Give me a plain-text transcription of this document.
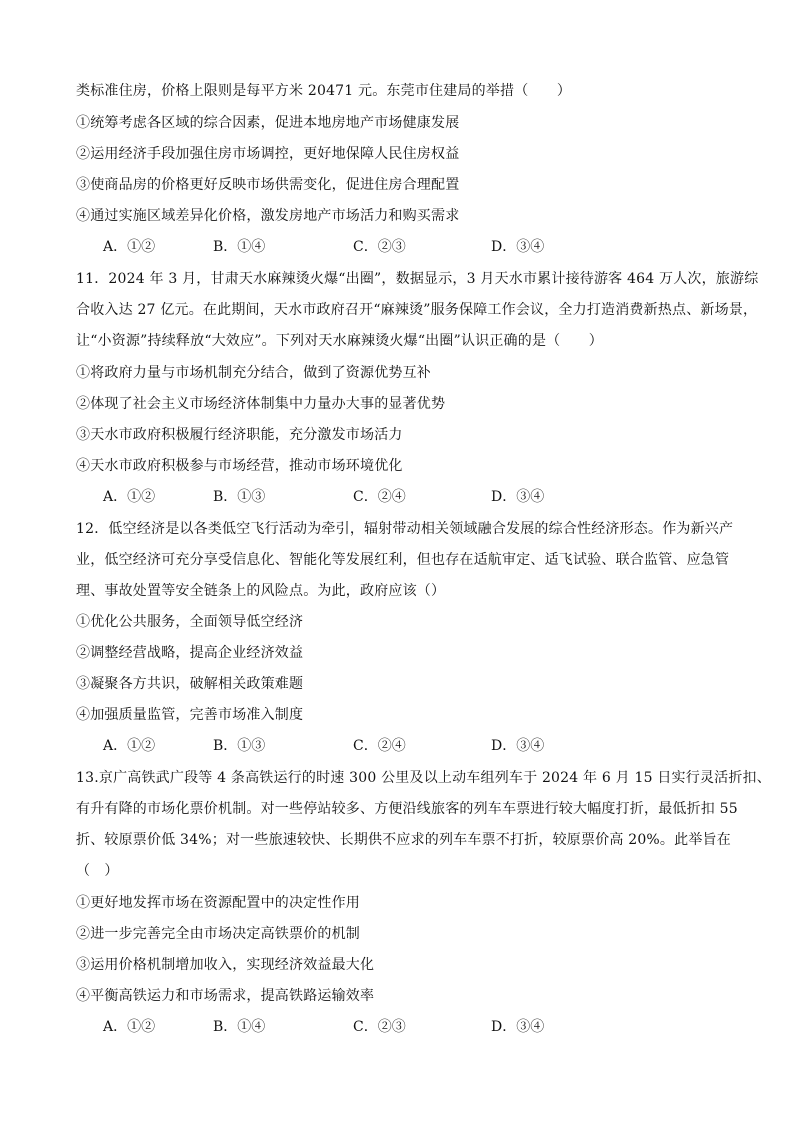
类标准住房，价格上限则是每平方米 20471 元。东莞市住建局的举措（　　）
①统筹考虑各区域的综合因素，促进本地房地产市场健康发展
②运用经济手段加强住房市场调控，更好地保障人民住房权益
③使商品房的价格更好反映市场供需变化，促进住房合理配置
④通过实施区域差异化价格，激发房地产市场活力和购买需求
A．①②	B．①④	C．②③	D．③④
11．2024 年 3 月，甘肃天水麻辣烫火爆“出圈”，数据显示，3 月天水市累计接待游客 464 万人次，旅游综
合收入达 27 亿元。在此期间，天水市政府召开“麻辣烫”服务保障工作会议，全力打造消费新热点、新场景，
让“小资源”持续释放“大效应”。下列对天水麻辣烫火爆“出圈”认识正确的是（　　）
①将政府力量与市场机制充分结合，做到了资源优势互补
②体现了社会主义市场经济体制集中力量办大事的显著优势
③天水市政府积极履行经济职能，充分激发市场活力
④天水市政府积极参与市场经营，推动市场环境优化
A．①②	B．①③	C．②④	D．③④
12．低空经济是以各类低空飞行活动为牵引，辐射带动相关领域融合发展的综合性经济形态。作为新兴产
业，低空经济可充分享受信息化、智能化等发展红利，但也存在适航审定、适飞试验、联合监管、应急管
理、事故处置等安全链条上的风险点。为此，政府应该（）
①优化公共服务，全面领导低空经济
②调整经营战略，提高企业经济效益
③凝聚各方共识，破解相关政策难题
④加强质量监管，完善市场准入制度
A．①②	B．①③	C．②④	D．③④
13.京广高铁武广段等 4 条高铁运行的时速 300 公里及以上动车组列车于 2024 年 6 月 15 日实行灵活折扣、
有升有降的市场化票价机制。对一些停站较多、方便沿线旅客的列车车票进行较大幅度打折，最低折扣 55
折、较原票价低 34%；对一些旅速较快、长期供不应求的列车车票不打折，较原票价高 20%。此举旨在
（　）
①更好地发挥市场在资源配置中的决定性作用
②进一步完善完全由市场决定高铁票价的机制
③运用价格机制增加收入，实现经济效益最大化
④平衡高铁运力和市场需求，提高铁路运输效率
A．①②	B．①④	C．②③	D．③④
